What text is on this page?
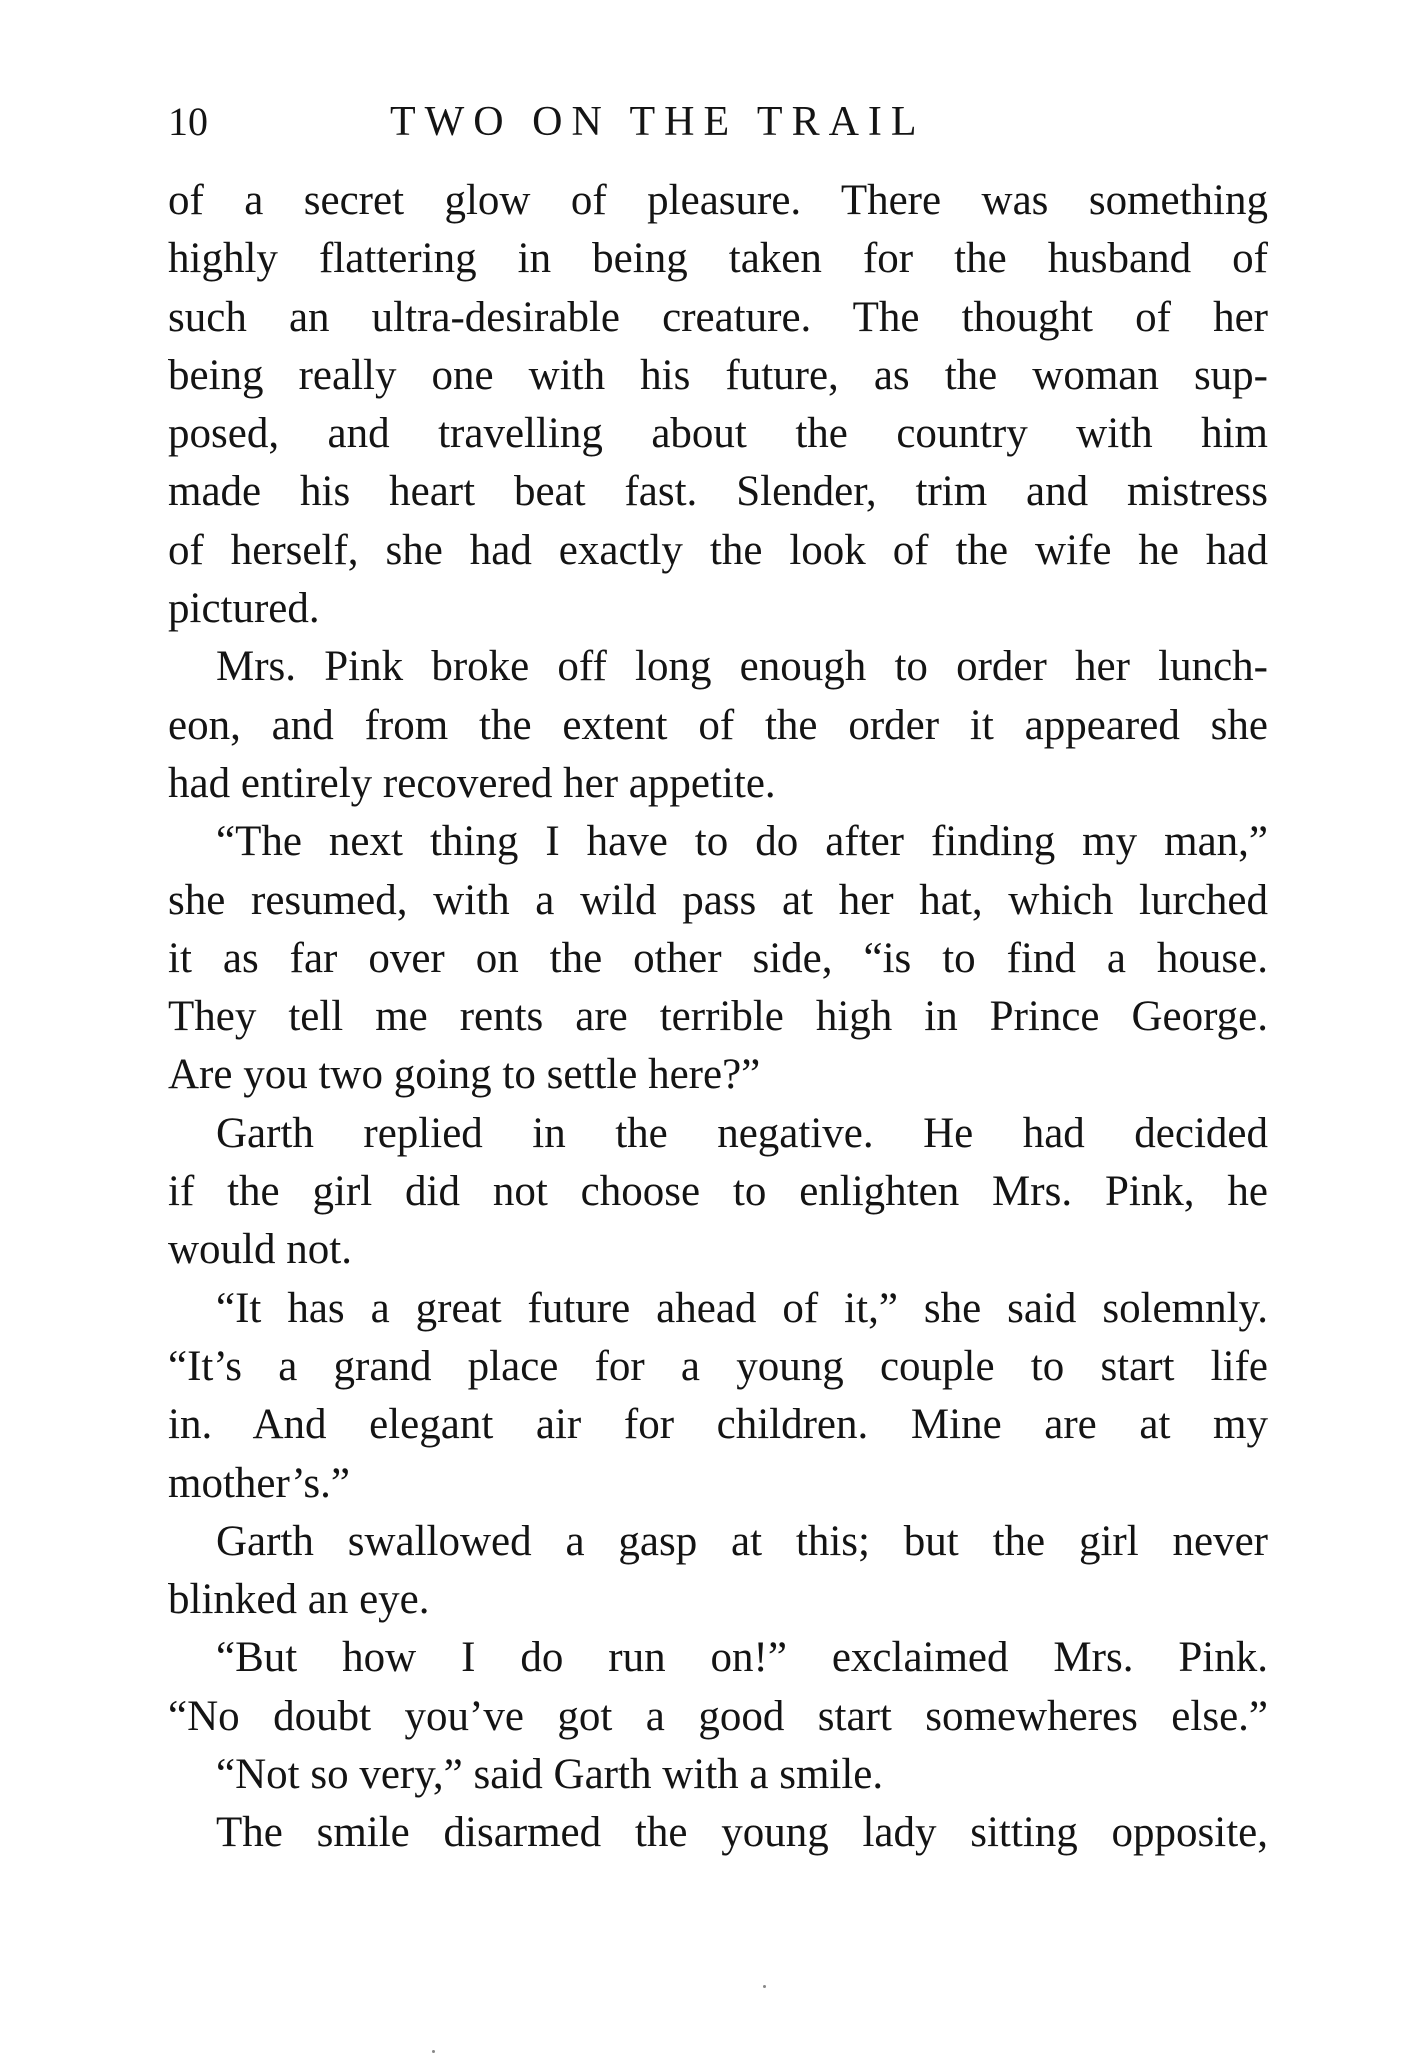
10	TWO ON THE TRAIL
of a secret glow of pleasure. There was something
highly flattering in being taken for the husband of
such an ultra-desirable creature. The thought of her
being really one with his future, as the woman sup-
posed, and travelling about the country with him
made his heart beat fast. Slender, trim and mistress
of herself, she had exactly the look of the wife he had
pictured.
Mrs. Pink broke off long enough to order her lunch-
eon, and from the extent of the order it appeared she
had entirely recovered her appetite.
“The next thing I have to do after finding my man,”
she resumed, with a wild pass at her hat, which lurched
it as far over on the other side, “is to find a house.
They tell me rents are terrible high in Prince George.
Are you two going to settle here?”
Garth replied in the negative. He had decided
if the girl did not choose to enlighten Mrs. Pink, he
would not.
“It has a great future ahead of it,” she said solemnly.
“It’s a grand place for a young couple to start life
in. And elegant air for children. Mine are at my
mother’s.”
Garth swallowed a gasp at this; but the girl never
blinked an eye.
“But how I do run on!” exclaimed Mrs. Pink.
“No doubt you’ve got a good start somewheres else.”
“Not so very,” said Garth with a smile.
The smile disarmed the young lady sitting opposite,
